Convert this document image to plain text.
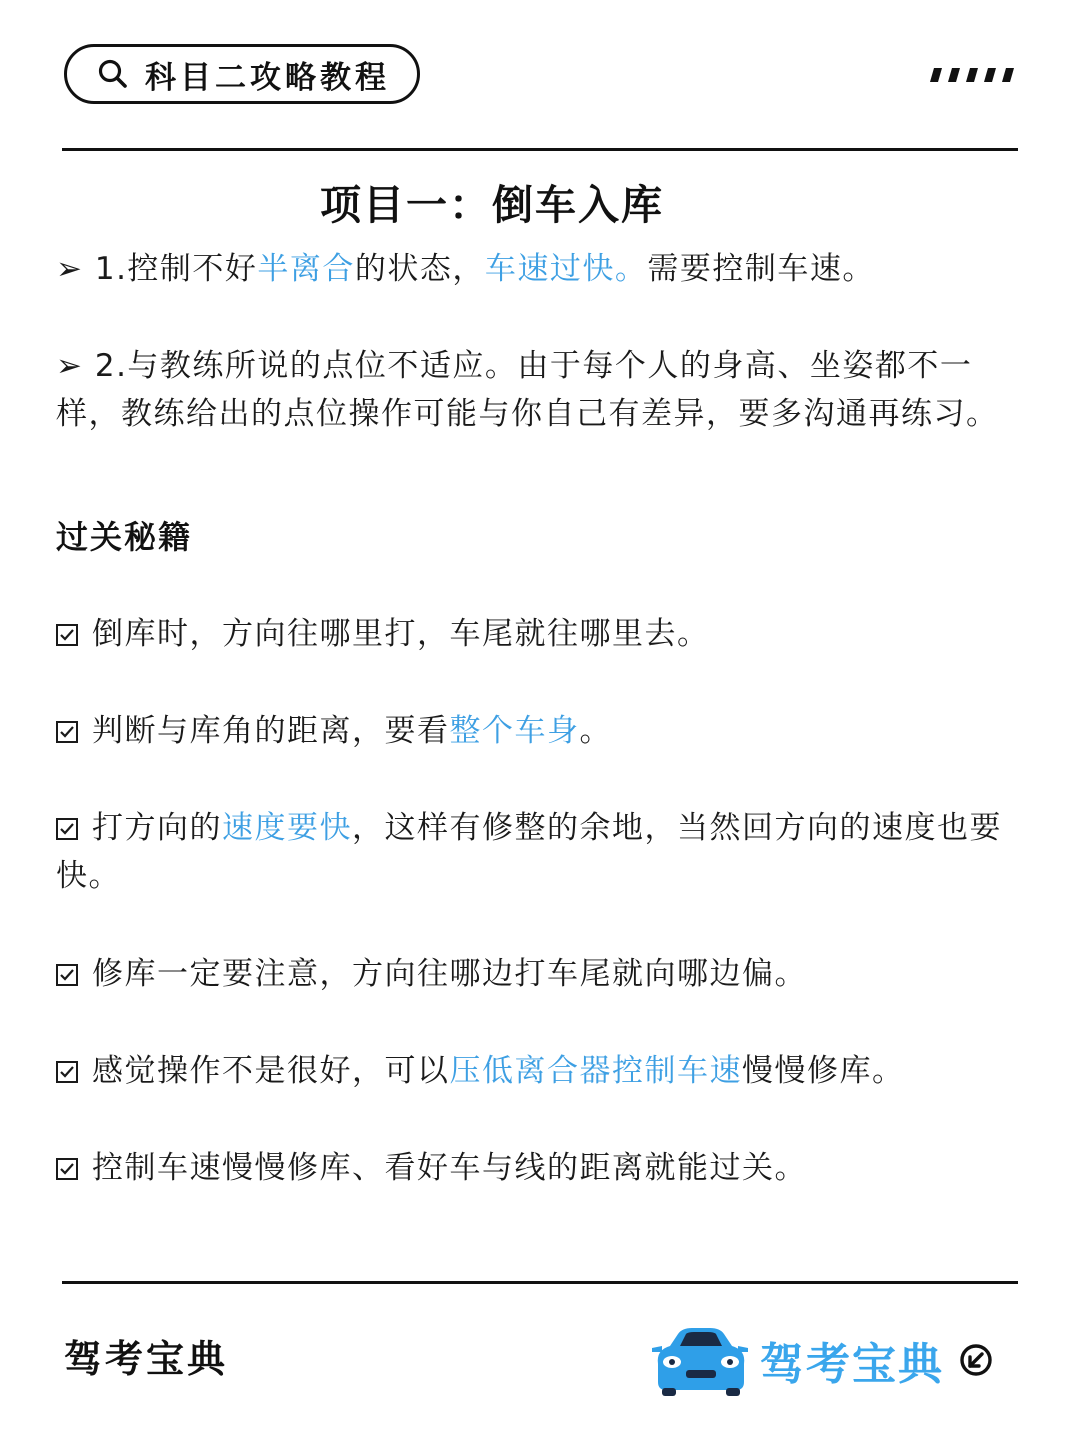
科目二攻略教程
项目一：倒车入库
➢ 1.控制不好半离合的状态，车速过快。需要控制车速。
➢ 2.与教练所说的点位不适应。由于每个人的身高、坐姿都不一样，教练给出的点位操作可能与你自己有差异，要多沟通再练习。
过关秘籍
倒库时，方向往哪里打，车尾就往哪里去。
判断与库角的距离，要看整个车身。
打方向的速度要快，这样有修整的余地，当然回方向的速度也要快。
修库一定要注意，方向往哪边打车尾就向哪边偏。
感觉操作不是很好，可以压低离合器控制车速慢慢修库。
控制车速慢慢修库、看好车与线的距离就能过关。
驾考宝典	驾考宝典
